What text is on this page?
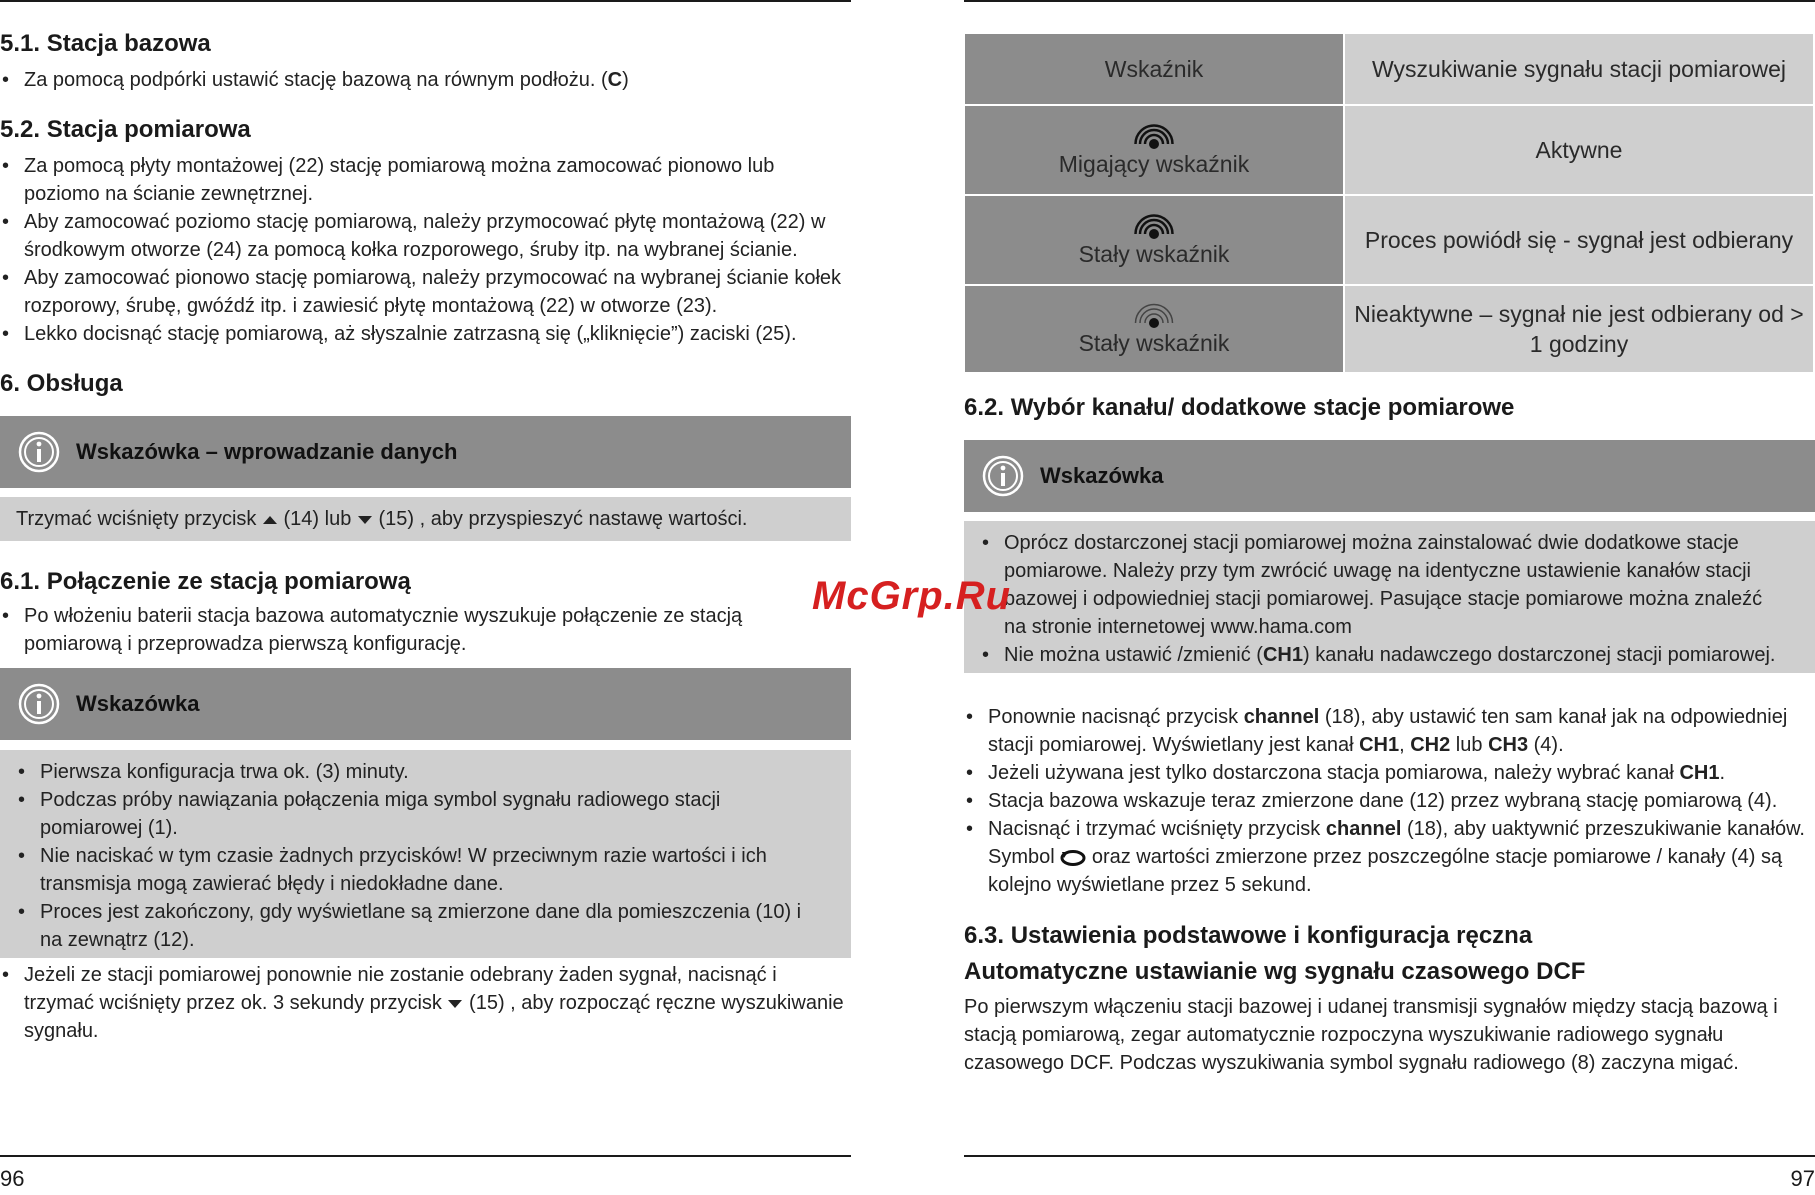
5.1. Stacja bazowa
• Za pomocą podpórki ustawić stację bazową na równym podłożu. (C)
5.2. Stacja pomiarowa
• Za pomocą płyty montażowej (22) stację pomiarową można zamocować pionowo lub poziomo na ścianie zewnętrznej.
• Aby zamocować poziomo stację pomiarową, należy przymocować płytę montażową (22) w środkowym otworze (24) za pomocą kołka rozporowego, śruby itp. na wybranej ścianie.
• Aby zamocować pionowo stację pomiarową, należy przymocować na wybranej ścianie kołek rozporowy, śrubę, gwóźdź itp. i zawiesić płytę montażową (22) w otworze (23).
• Lekko docisnąć stację pomiarową, aż słyszalnie zatrzasną się („kliknięcie”) zaciski (25).
6. Obsługa
Wskazówka – wprowadzanie danych
Trzymać wciśnięty przycisk (14) lub (15) , aby przyspieszyć nastawę wartości.
6.1. Połączenie ze stacją pomiarową
• Po włożeniu baterii stacja bazowa automatycznie wyszukuje połączenie ze stacją pomiarową i przeprowadza pierwszą konfigurację.
Wskazówka
• Pierwsza konfiguracja trwa ok. (3) minuty.
• Podczas próby nawiązania połączenia miga symbol sygnału radiowego stacji pomiarowej (1).
• Nie naciskać w tym czasie żadnych przycisków! W przeciwnym razie wartości i ich transmisja mogą zawierać błędy i niedokładne dane.
• Proces jest zakończony, gdy wyświetlane są zmierzone dane dla pomieszczenia (10) i na zewnątrz (12).
• Jeżeli ze stacji pomiarowej ponownie nie zostanie odebrany żaden sygnał, nacisnąć i trzymać wciśnięty przez ok. 3 sekundy przycisk (15) , aby rozpocząć ręczne wyszukiwanie sygnału.
96
Wskaźnik	Wyszukiwanie sygnału stacji pomiarowej

Migający wskaźnik	Aktywne

Stały wskaźnik	Proces powiódł się - sygnał jest odbierany

Stały wskaźnik	Nieaktywne – sygnał nie jest odbierany od > 1 godziny
6.2. Wybór kanału/ dodatkowe stacje pomiarowe
Wskazówka
• Oprócz dostarczonej stacji pomiarowej można zainstalować dwie dodatkowe stacje pomiarowe. Należy przy tym zwrócić uwagę na identyczne ustawienie kanałów stacji bazowej i odpowiedniej stacji pomiarowej. Pasujące stacje pomiarowe można znaleźć na stronie internetowej www.hama.com
• Nie można ustawić /zmienić (CH1) kanału nadawczego dostarczonej stacji pomiarowej.
• Ponownie nacisnąć przycisk channel (18), aby ustawić ten sam kanał jak na odpowiedniej stacji pomiarowej. Wyświetlany jest kanał CH1, CH2 lub CH3 (4).
• Jeżeli używana jest tylko dostarczona stacja pomiarowa, należy wybrać kanał CH1.
• Stacja bazowa wskazuje teraz zmierzone dane (12) przez wybraną stację pomiarową (4).
• Nacisnąć i trzymać wciśnięty przycisk channel (18), aby uaktywnić przeszukiwanie kanałów. Symbol oraz wartości zmierzone przez poszczególne stacje pomiarowe / kanały (4) są kolejno wyświetlane przez 5 sekund.
6.3. Ustawienia podstawowe i konfiguracja ręczna
Automatyczne ustawianie wg sygnału czasowego DCF
Po pierwszym włączeniu stacji bazowej i udanej transmisji sygnałów między stacją bazową i stacją pomiarową, zegar automatycznie rozpoczyna wyszukiwanie radiowego sygnału czasowego DCF. Podczas wyszukiwania symbol sygnału radiowego (8) zaczyna migać.
97
McGrp.Ru
